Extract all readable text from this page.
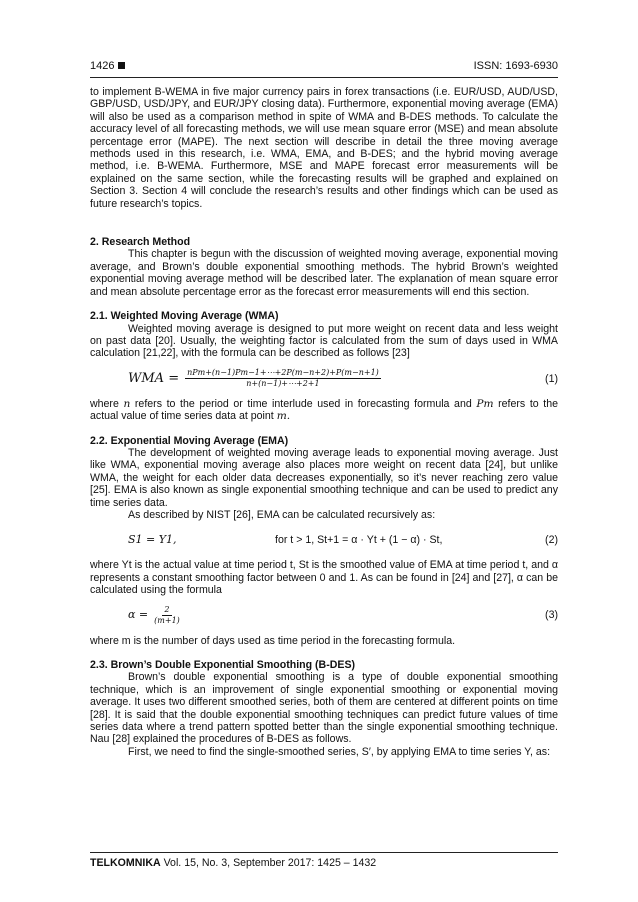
1426	ISSN: 1693-6930

to implement B-WEMA in five major currency pairs in forex transactions (i.e. EUR/USD, AUD/USD, GBP/USD, USD/JPY, and EUR/JPY closing data). Furthermore, exponential moving average (EMA) will also be used as a comparison method in spite of WMA and B-DES methods. To calculate the accuracy level of all forecasting methods, we will use mean square error (MSE) and mean absolute percentage error (MAPE). The next section will describe in detail the three moving average methods used in this research, i.e. WMA, EMA, and B-DES; and the hybrid moving average method, i.e. B-WEMA. Furthermore, MSE and MAPE forecast error measurements will be explained on the same section, while the forecasting results will be graphed and explained on Section 3. Section 4 will conclude the research’s results and other findings which can be used as future research’s topics.

2. Research Method

This chapter is begun with the discussion of weighted moving average, exponential moving average, and Brown’s double exponential smoothing methods. The hybrid Brown’s weighted exponential moving average method will be described later. The explanation of mean square error and mean absolute percentage error as the forecast error measurements will end this section.

2.1. Weighted Moving Average (WMA)

Weighted moving average is designed to put more weight on recent data and less weight on past data [20]. Usually, the weighting factor is calculated from the sum of days used in WMA calculation [21,22], with the formula can be described as follows [23]

WMA = $\frac{\text{nPm+(n−1)Pm−1+⋯+2P(m−n+2)+P(m−n+1)}}{n+(n-1)+\cdots+2+1}$	(1)

where n refers to the period or time interlude used in forecasting formula and Pm refers to the actual value of time series data at point m.

2.2. Exponential Moving Average (EMA)

The development of weighted moving average leads to exponential moving average. Just like WMA, exponential moving average also places more weight on recent data [24], but unlike WMA, the weight for each older data decreases exponentially, so it’s never reaching zero value [25]. EMA is also known as single exponential smoothing technique and can be used to predict any time series data.

As described by NIST [26], EMA can be calculated recursively as:

S1 = Y1,	for t > 1, St+1 = α · Yt + (1 − α) · St,	(2)

where Yt is the actual value at time period t, St is the smoothed value of EMA at time period t, and α represents a constant smoothing factor between 0 and 1. As can be found in [24] and [27], α can be calculated using the formula

$\alpha = \frac{2}{(m+1)}$	(3)

where m is the number of days used as time period in the forecasting formula.

2.3. Brown’s Double Exponential Smoothing (B-DES)

Brown’s double exponential smoothing is a type of double exponential smoothing technique, which is an improvement of single exponential smoothing or exponential moving average. It uses two different smoothed series, both of them are centered at different points on time [28]. It is said that the double exponential smoothing techniques can predict future values of time series data where a trend pattern spotted better than the single exponential smoothing technique. Nau [28] explained the procedures of B-DES as follows.

First, we need to find the single-smoothed series, S′, by applying EMA to time series Y, as:

TELKOMNIKA Vol. 15, No. 3, September 2017: 1425 – 1432
